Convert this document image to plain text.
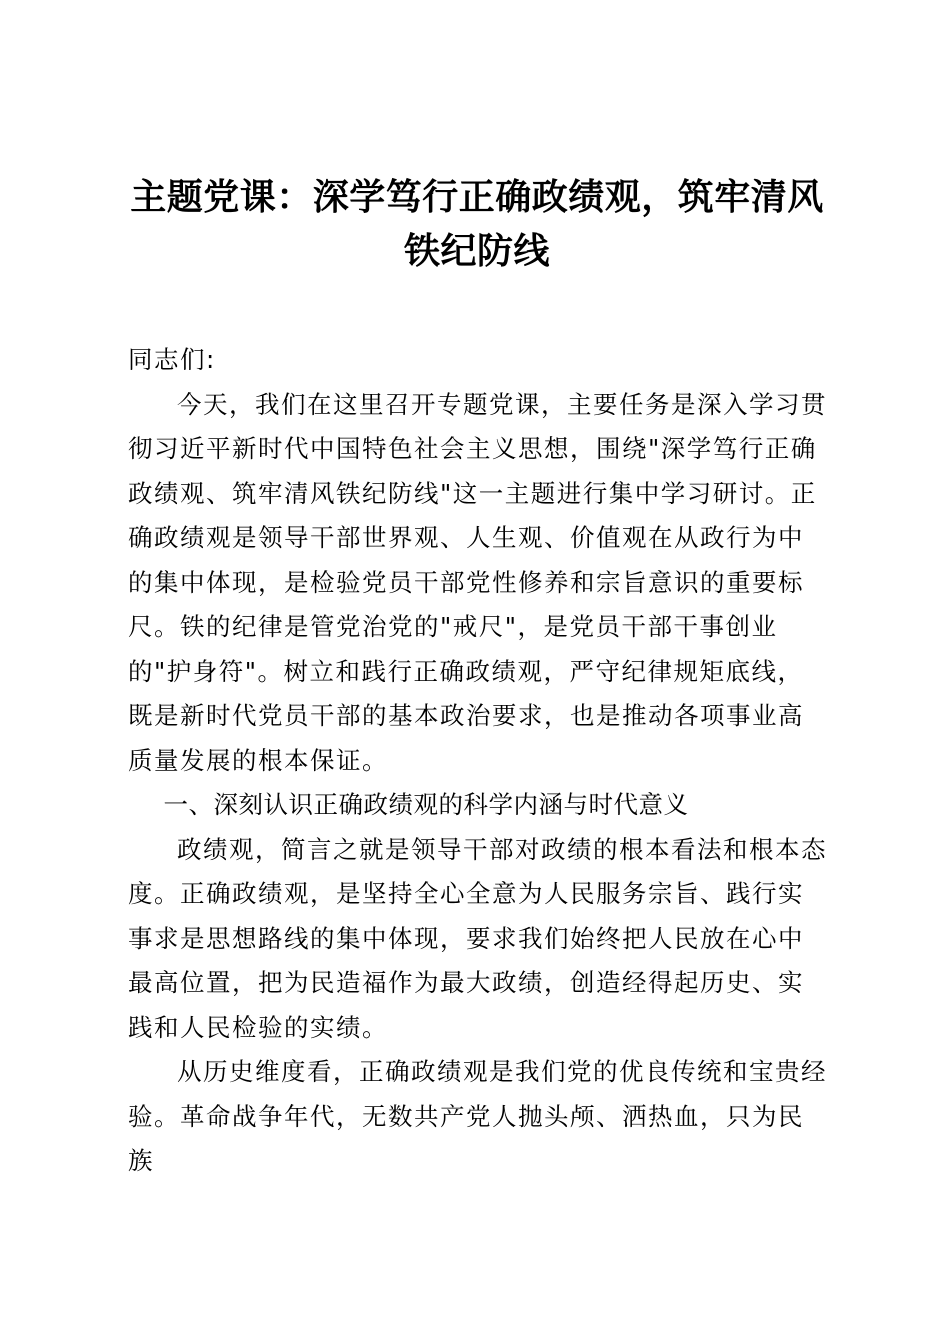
主题党课：深学笃行正确政绩观，筑牢清风铁纪防线

同志们:

今天，我们在这里召开专题党课，主要任务是深入学习贯彻习近平新时代中国特色社会主义思想，围绕"深学笃行正确政绩观、筑牢清风铁纪防线"这一主题进行集中学习研讨。正确政绩观是领导干部世界观、人生观、价值观在从政行为中的集中体现，是检验党员干部党性修养和宗旨意识的重要标尺。铁的纪律是管党治党的"戒尺"，是党员干部干事创业的"护身符"。树立和践行正确政绩观，严守纪律规矩底线，既是新时代党员干部的基本政治要求，也是推动各项事业高质量发展的根本保证。

一、深刻认识正确政绩观的科学内涵与时代意义

政绩观，简言之就是领导干部对政绩的根本看法和根本态度。正确政绩观，是坚持全心全意为人民服务宗旨、践行实事求是思想路线的集中体现，要求我们始终把人民放在心中最高位置，把为民造福作为最大政绩，创造经得起历史、实践和人民检验的实绩。

从历史维度看，正确政绩观是我们党的优良传统和宝贵经验。革命战争年代，无数共产党人抛头颅、洒热血，只为民族
